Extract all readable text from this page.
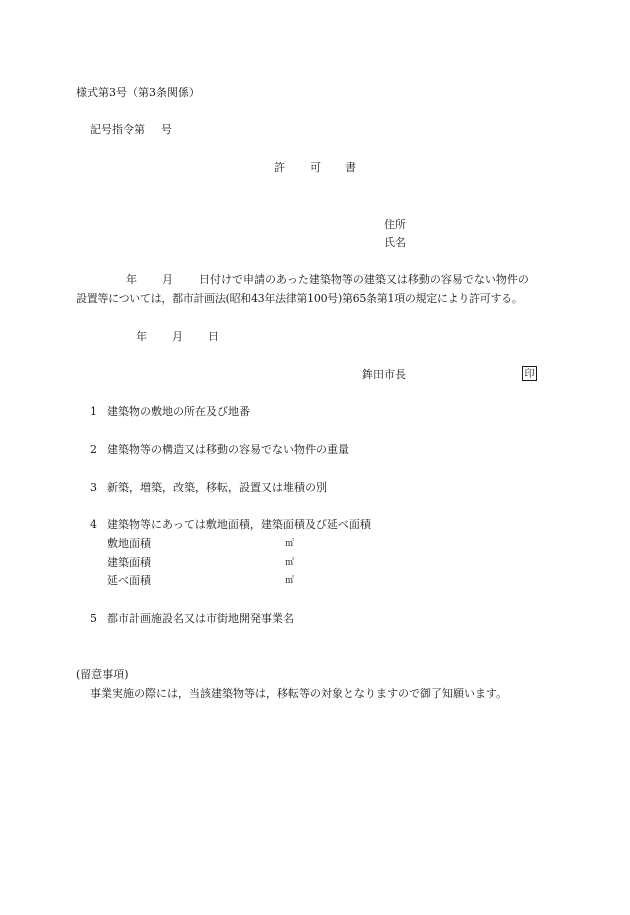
様式第3号（第3条関係）
記号指令第 号
許 可 書
住所
氏名
年 月 日付けで申請のあった建築物等の建築又は移動の容易でない物件の
設置等については，都市計画法(昭和43年法律第100号)第65条第1項の規定により許可する。
年 月 日
鉾田市長	印
1 建築物の敷地の所在及び地番
2 建築物等の構造又は移動の容易でない物件の重量
3 新築，増築，改築，移転，設置又は堆積の別
4 建築物等にあっては敷地面積，建築面積及び延べ面積
敷地面積	㎡
建築面積	㎡
延べ面積	㎡
5 都市計画施設名又は市街地開発事業名
(留意事項)
事業実施の際には，当該建築物等は，移転等の対象となりますので御了知願います。
